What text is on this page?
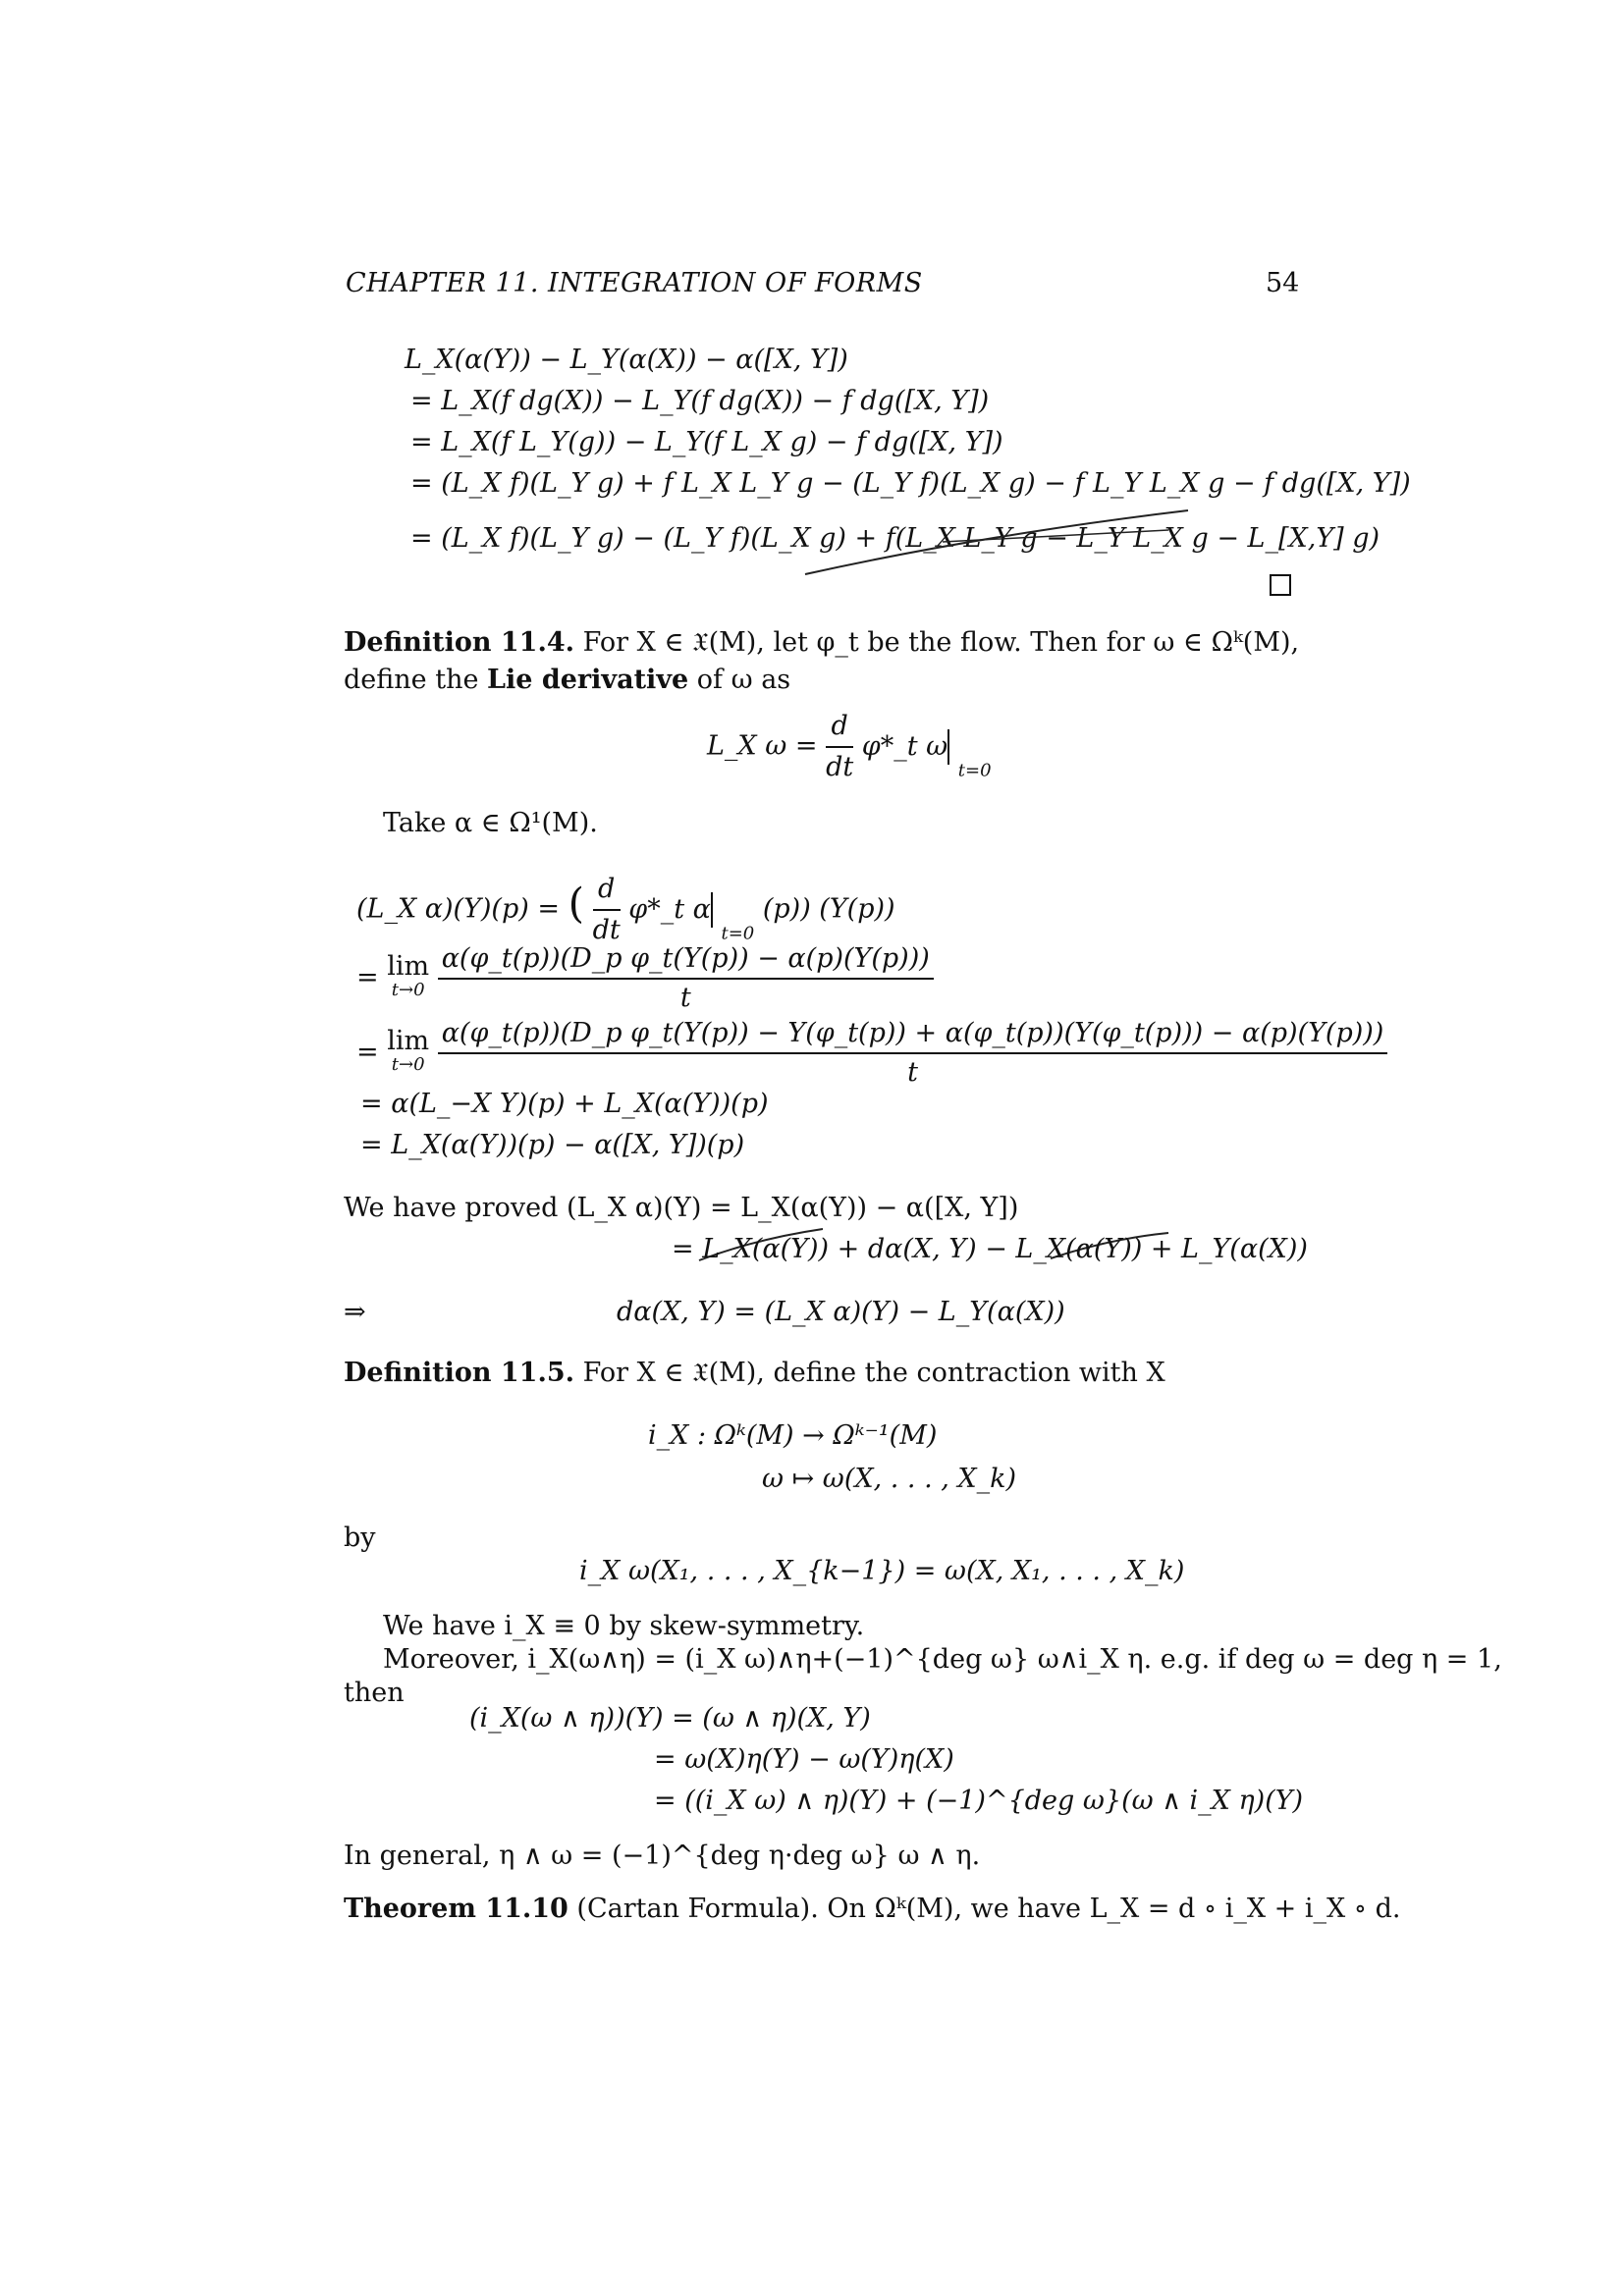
CHAPTER 11. INTEGRATION OF FORMS	54
L_X(α(Y)) − L_Y(α(X)) − α([X, Y])
= L_X(f dg(X)) − L_Y(f dg(X)) − f dg([X, Y])
= L_X(f L_Y(g)) − L_Y(f L_X g) − f dg([X, Y])
= (L_X f)(L_Y g) + f L_X L_Y g − (L_Y f)(L_X g) − f L_Y L_X g − f dg([X, Y])
= (L_X f)(L_Y g) − (L_Y f)(L_X g) + f(L_X L_Y g − L_Y L_X g − L_[X,Y] g)
Definition 11.4. For X ∈ 𝔛(M), let φ_t be the flow. Then for ω ∈ Ωᵏ(M),
define the Lie derivative of ω as
L_X $\omega = \frac{d}{dt}$ φ*_t ω $_{t=0}$
Take α ∈ Ω¹(M).
(L_X α)(Y)(p) = ( $\frac{d}{dt}$ φ*_t α $_{t=0}$ (p)) (Y(p))
= lim
t→0
$\frac{\text{α(φ\_t(p))(D\_p φ\_t(Y(p)) − α(p)(Y(p)))}}{t}$
= lim
t→0

α(φ_t(p))(D_p φ_t(Y(p)) − Y(φ_t(p)) + α(φ_t(p))(Y(φ_t(p))) − α(p)(Y(p)))
t
= α(L_−X Y)(p) + L_X(α(Y))(p)
= L_X(α(Y))(p) − α([X, Y])(p)
We have proved (L_X α)(Y) = L_X(α(Y)) − α([X, Y])
= L_X(α(Y)) + dα(X, Y) − L_X(α(Y)) + L_Y(α(X))
⇒	dα(X, Y) = (L_X α)(Y) − L_Y(α(X))
Definition 11.5. For X ∈ 𝔛(M), define the contraction with X
i_X : Ωᵏ(M) → Ωᵏ⁻¹(M)
ω ↦ ω(X, . . . , X_k)
by
i_X ω(X₁, . . . , X_{k−1}) = ω(X, X₁, . . . , X_k)
We have i_X ≡ 0 by skew-symmetry.
Moreover, i_X(ω∧η) = (i_X ω)∧η+(−1)^{deg ω} ω∧i_X η. e.g. if deg ω = deg η = 1,
then
(i_X(ω ∧ η))(Y) = (ω ∧ η)(X, Y)
= ω(X)η(Y) − ω(Y)η(X)
= ((i_X ω) ∧ η)(Y) + (−1)^{deg ω}(ω ∧ i_X η)(Y)
In general, η ∧ ω = (−1)^{deg η·deg ω} ω ∧ η.
Theorem 11.10 (Cartan Formula). On Ωᵏ(M), we have L_X = d ∘ i_X + i_X ∘ d.
